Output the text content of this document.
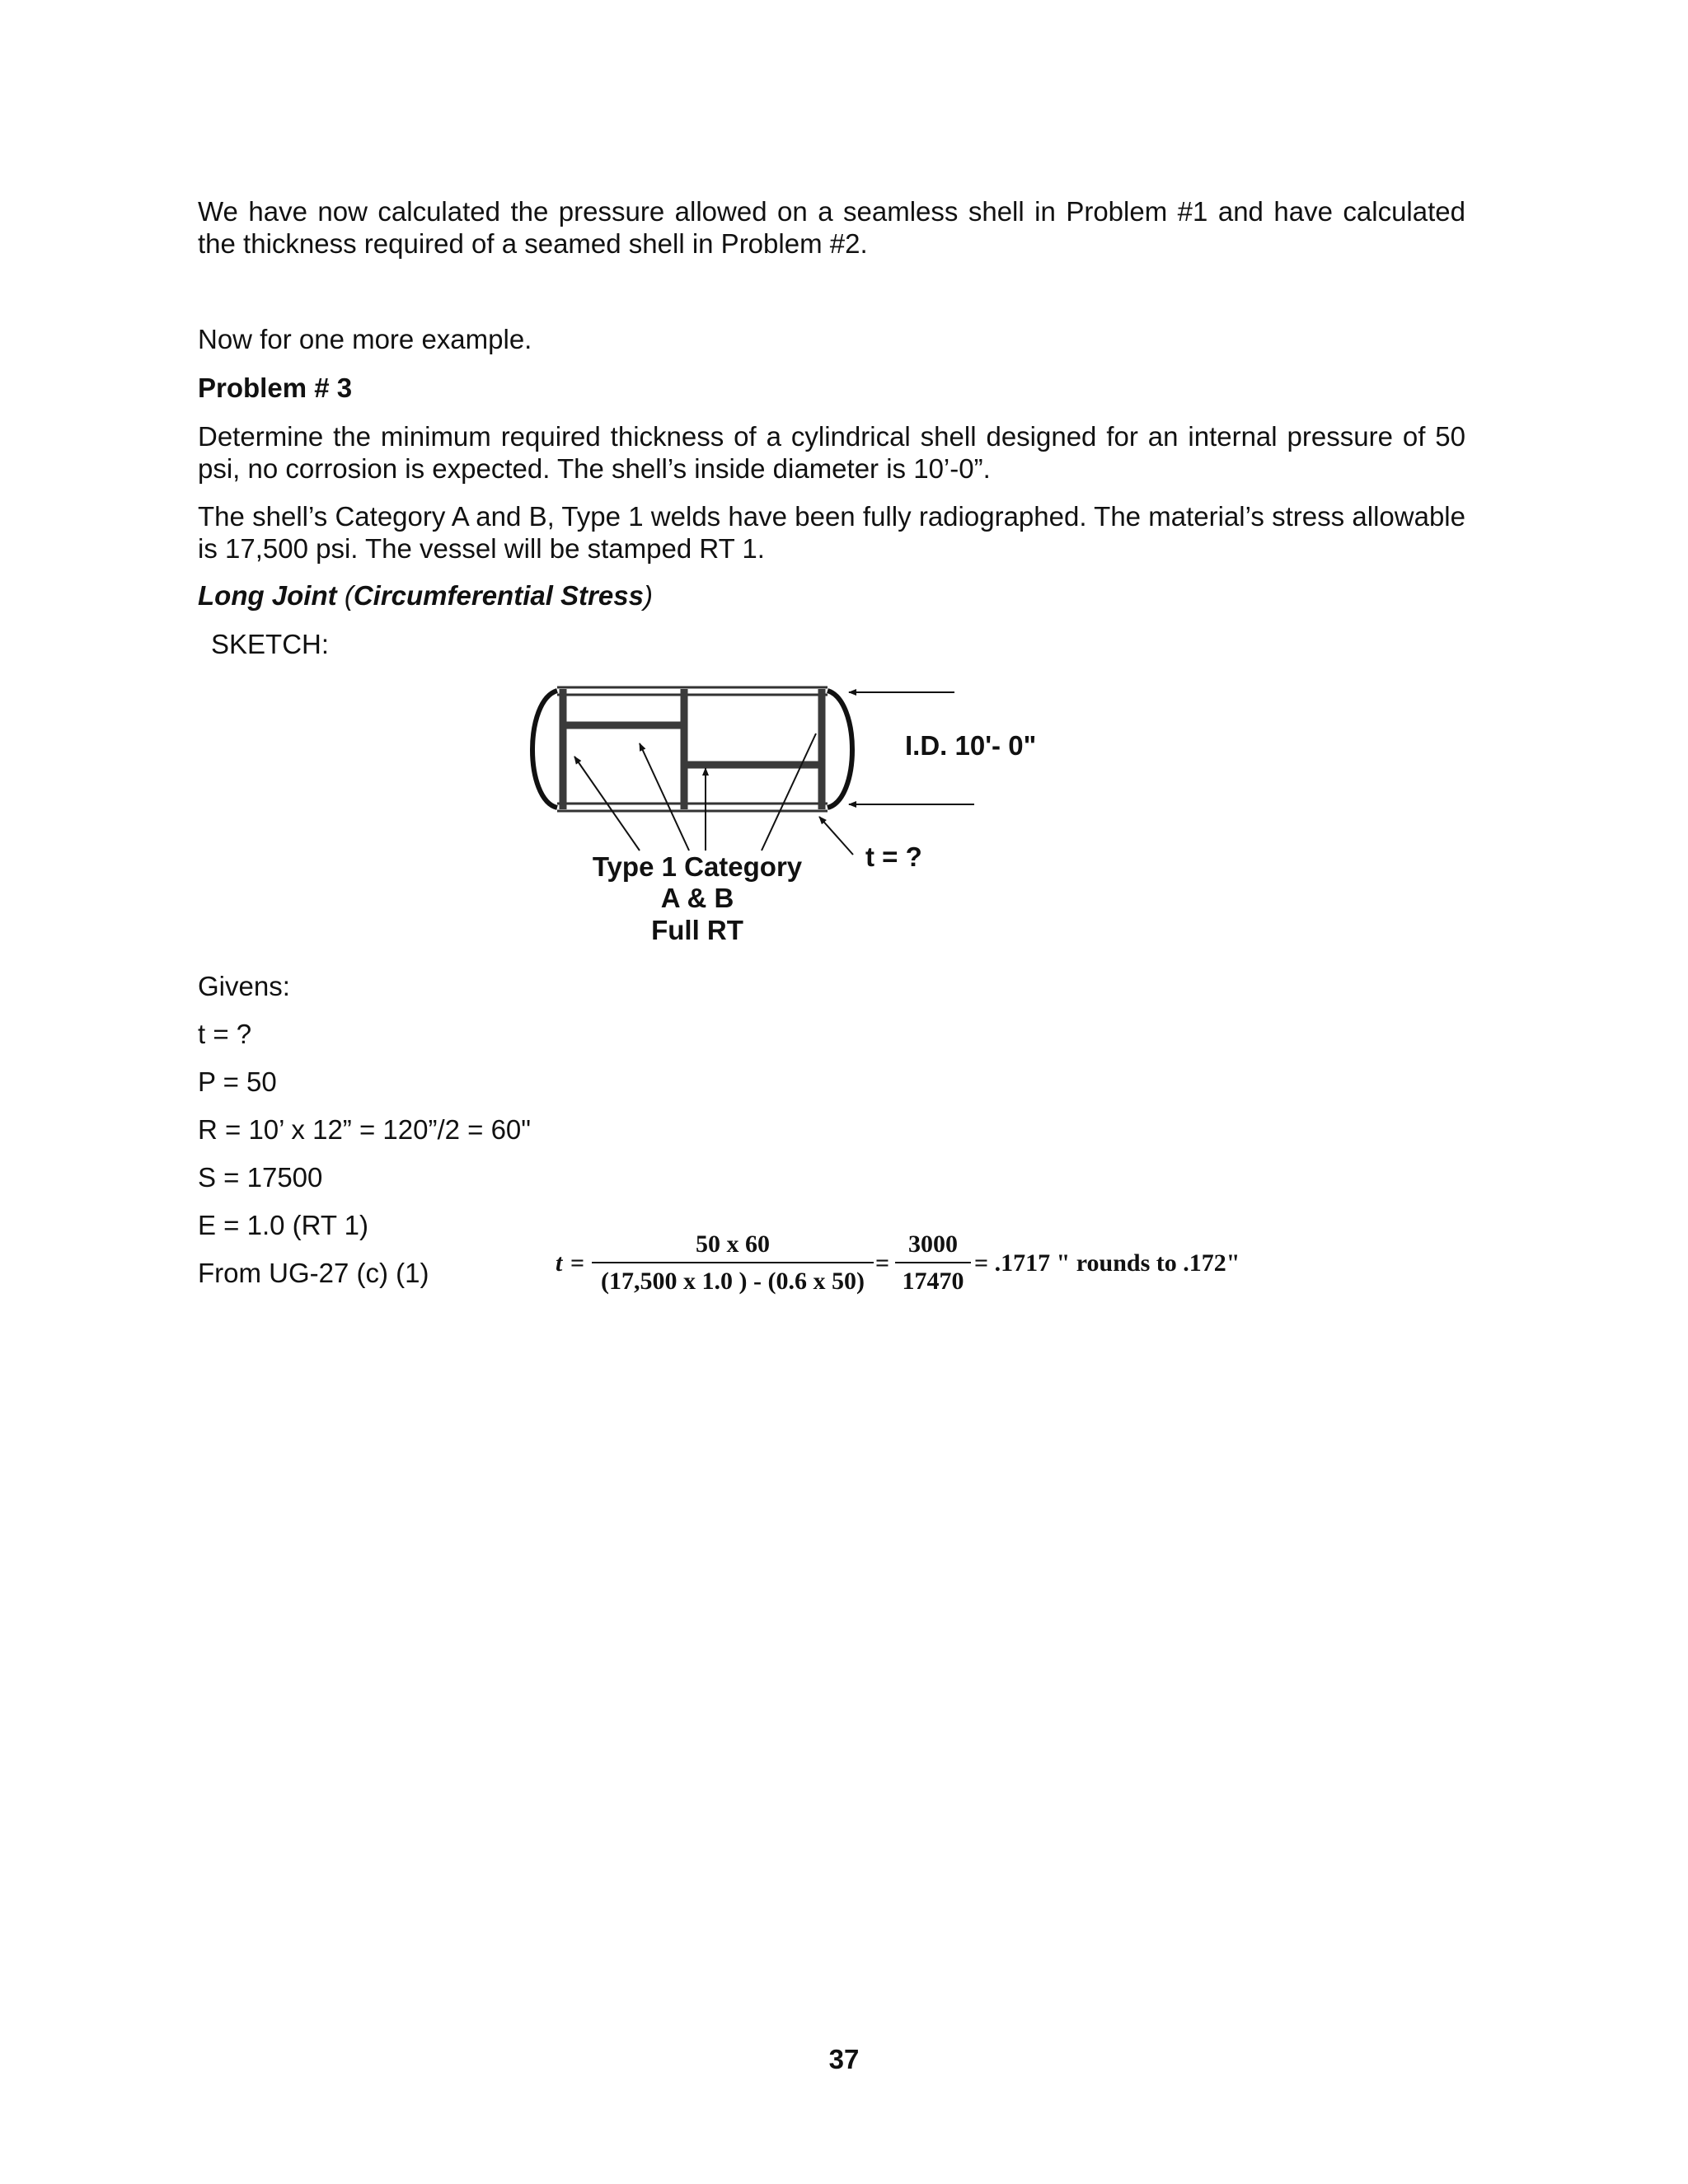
We have now calculated the pressure allowed on a seamless shell in Problem #1 and have calculated the thickness required of a seamed shell in Problem #2.

Now for one more example.

Problem # 3

Determine the minimum required thickness of a cylindrical shell designed for an internal pressure of 50 psi, no corrosion is expected. The shell’s inside diameter is 10’-0”.

The shell’s Category A and B, Type 1 welds have been fully radiographed. The material’s stress allowable is 17,500 psi. The vessel will be stamped RT 1.

Long Joint (Circumferential Stress)

SKETCH:
I.D. 10'- 0"
t = ?
Type 1 Category
A & B
Full RT

Givens:

t = ?

P = 50

R = 10’ x 12” = 120”/2 = 60"

S = 17500

E = 1.0 (RT 1)

From UG-27 (c) (1)	t =
50 x 60
(17,500 x 1.0 ) - (0.6 x 50)
=
3000
17470
= .1717 " rounds to .172"
37
